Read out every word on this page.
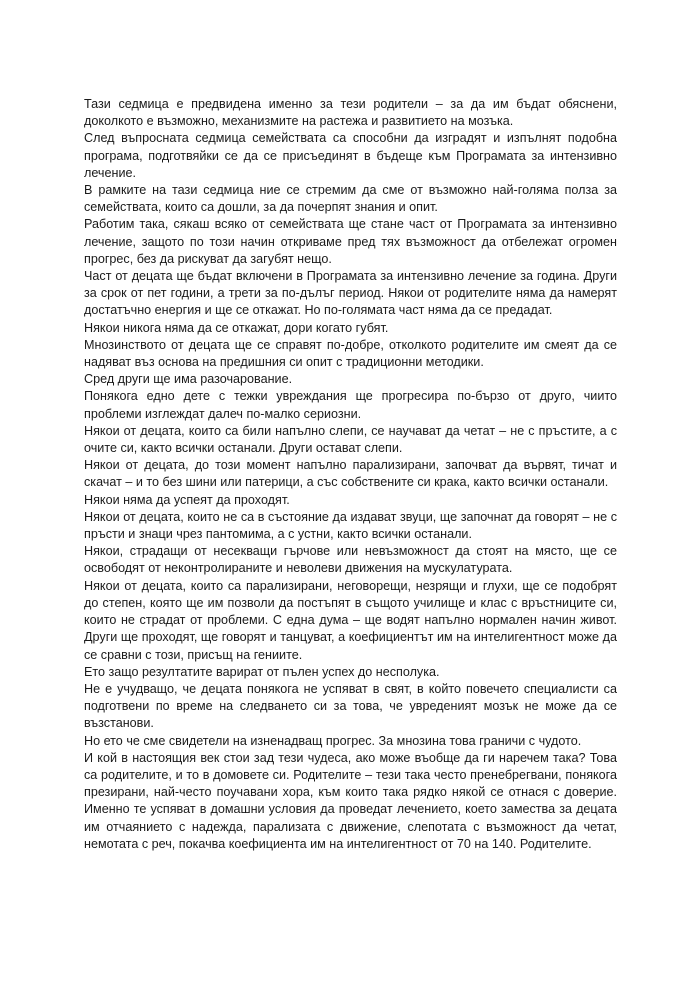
Тази седмица е предвидена именно за тези родители – за да им бъдат обяснени, доколкото е възможно, механизмите на растежа и развитието на мозъка.

След въпросната седмица семействата са способни да изградят и изпълнят подобна програма, подготвяйки се да се присъединят в бъдеще към Програмата за интензивно лечение.

В рамките на тази седмица ние се стремим да сме от възможно най-голяма полза за семействата, които са дошли, за да почерпят знания и опит.

Работим така, сякаш всяко от семействата ще стане част от Програмата за интензивно лечение, защото по този начин откриваме пред тях възможност да отбележат огромен прогрес, без да рискуват да загубят нещо.

Част от децата ще бъдат включени в Програмата за интензивно лечение за година. Други за срок от пет години, а трети за по-дълъг период. Някои от родителите няма да намерят достатъчно енергия и ще се откажат. Но по-голямата част няма да се предадат.

Някои никога няма да се откажат, дори когато губят.

Мнозинството от децата ще се справят по-добре, отколкото родителите им смеят да се надяват въз основа на предишния си опит с традиционни методики.

Сред други ще има разочарование.

Понякога едно дете с тежки увреждания ще прогресира по-бързо от друго, чиито проблеми изглеждат далеч по-малко сериозни.

Някои от децата, които са били напълно слепи, се научават да четат – не с пръстите, а с очите си, както всички останали. Други остават слепи.

Някои от децата, до този момент напълно парализирани, започват да вървят, тичат и скачат – и то без шини или патерици, а със собствените си крака, както всички останали.

Някои няма да успеят да проходят.

Някои от децата, които не са в състояние да издават звуци, ще започнат да говорят – не с пръсти и знаци чрез пантомима, а с устни, както всички останали.

Някои, страдащи от несекващи гърчове или невъзможност да стоят на място, ще се освободят от неконтролираните и неволеви движения на мускулатурата.

Някои от децата, които са парализирани, неговорещи, незрящи и глухи, ще се подобрят до степен, която ще им позволи да постъпят в същото училище и клас с връстниците си, които не страдат от проблеми. С една дума – ще водят напълно нормален начин живот. Други ще проходят, ще говорят и танцуват, а коефициентът им на интелигентност може да се сравни с този, присъщ на гениите.

Ето защо резултатите варират от пълен успех до несполука.

Не е учудващо, че децата понякога не успяват в свят, в който повечето специалисти са подготвени по време на следването си за това, че увреденият мозък не може да се възстанови.

Но ето че сме свидетели на изненадващ прогрес. За мнозина това граничи с чудото.

И кой в настоящия век стои зад тези чудеса, ако може въобще да ги наречем така? Това са родителите, и то в домовете си. Родителите – тези така често пренебрегвани, понякога презирани, най-често поучавани хора, към които така рядко някой се отнася с доверие. Именно те успяват в домашни условия да проведат лечението, което замества за децата им отчаянието с надежда, парализата с движение, слепотата с възможност да четат, немотата с реч, покачва коефициента им на интелигентност от 70 на 140. Родителите.
